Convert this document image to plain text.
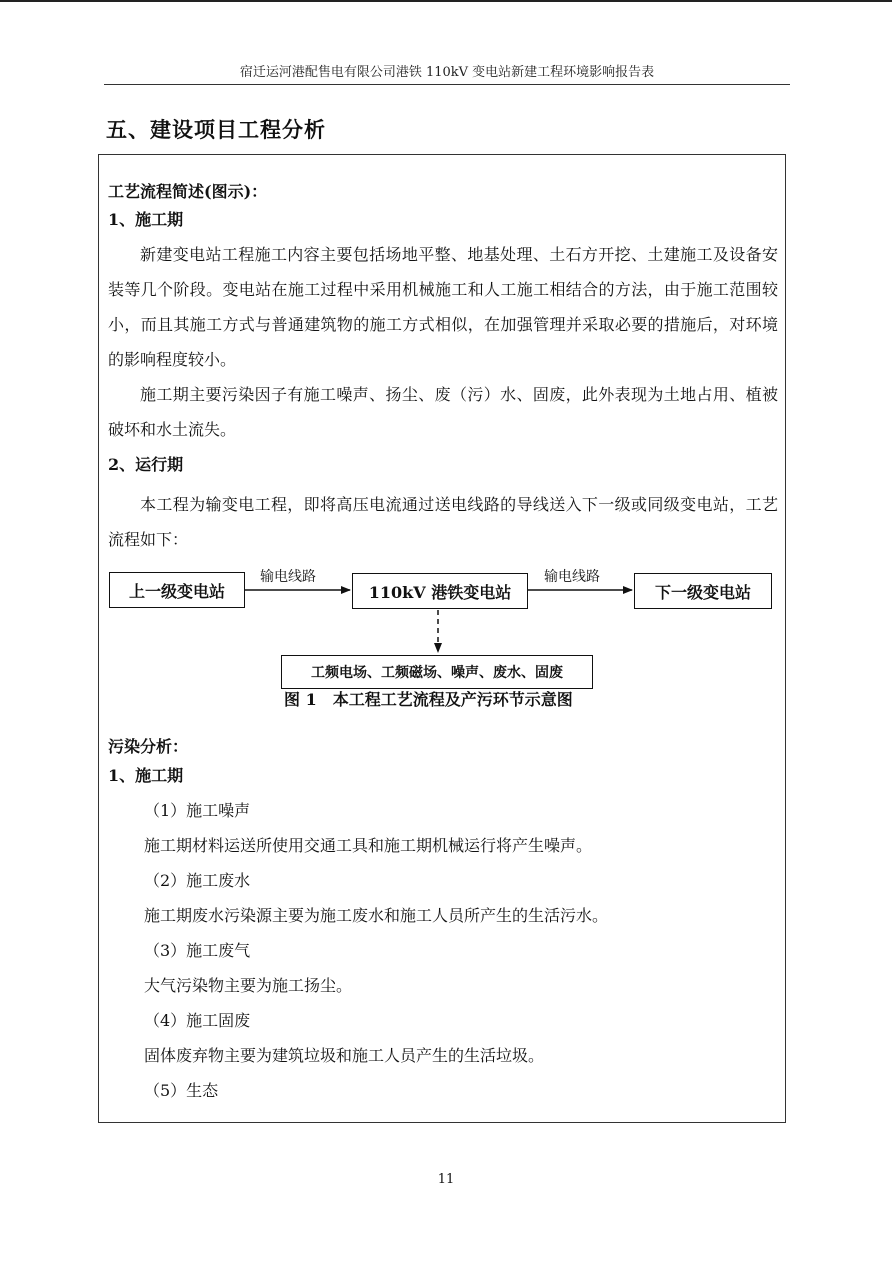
宿迁运河港配售电有限公司港铁 110kV 变电站新建工程环境影响报告表
五、建设项目工程分析
工艺流程简述(图示)：
1、施工期
新建变电站工程施工内容主要包括场地平整、地基处理、土石方开挖、土建施工及设备安装等几个阶段。变电站在施工过程中采用机械施工和人工施工相结合的方法，由于施工范围较小，而且其施工方式与普通建筑物的施工方式相似，在加强管理并采取必要的措施后，对环境的影响程度较小。
施工期主要污染因子有施工噪声、扬尘、废（污）水、固废，此外表现为土地占用、植被破坏和水土流失。
2、运行期
本工程为输变电工程，即将高压电流通过送电线路的导线送入下一级或同级变电站，工艺流程如下：
上一级变电站
输电线路
110kV 港铁变电站
输电线路
下一级变电站
工频电场、工频磁场、噪声、废水、固废
图 1　本工程工艺流程及产污环节示意图
污染分析：
1、施工期
（1）施工噪声
施工期材料运送所使用交通工具和施工期机械运行将产生噪声。
（2）施工废水
施工期废水污染源主要为施工废水和施工人员所产生的生活污水。
（3）施工废气
大气污染物主要为施工扬尘。
（4）施工固废
固体废弃物主要为建筑垃圾和施工人员产生的生活垃圾。
（5）生态
11
